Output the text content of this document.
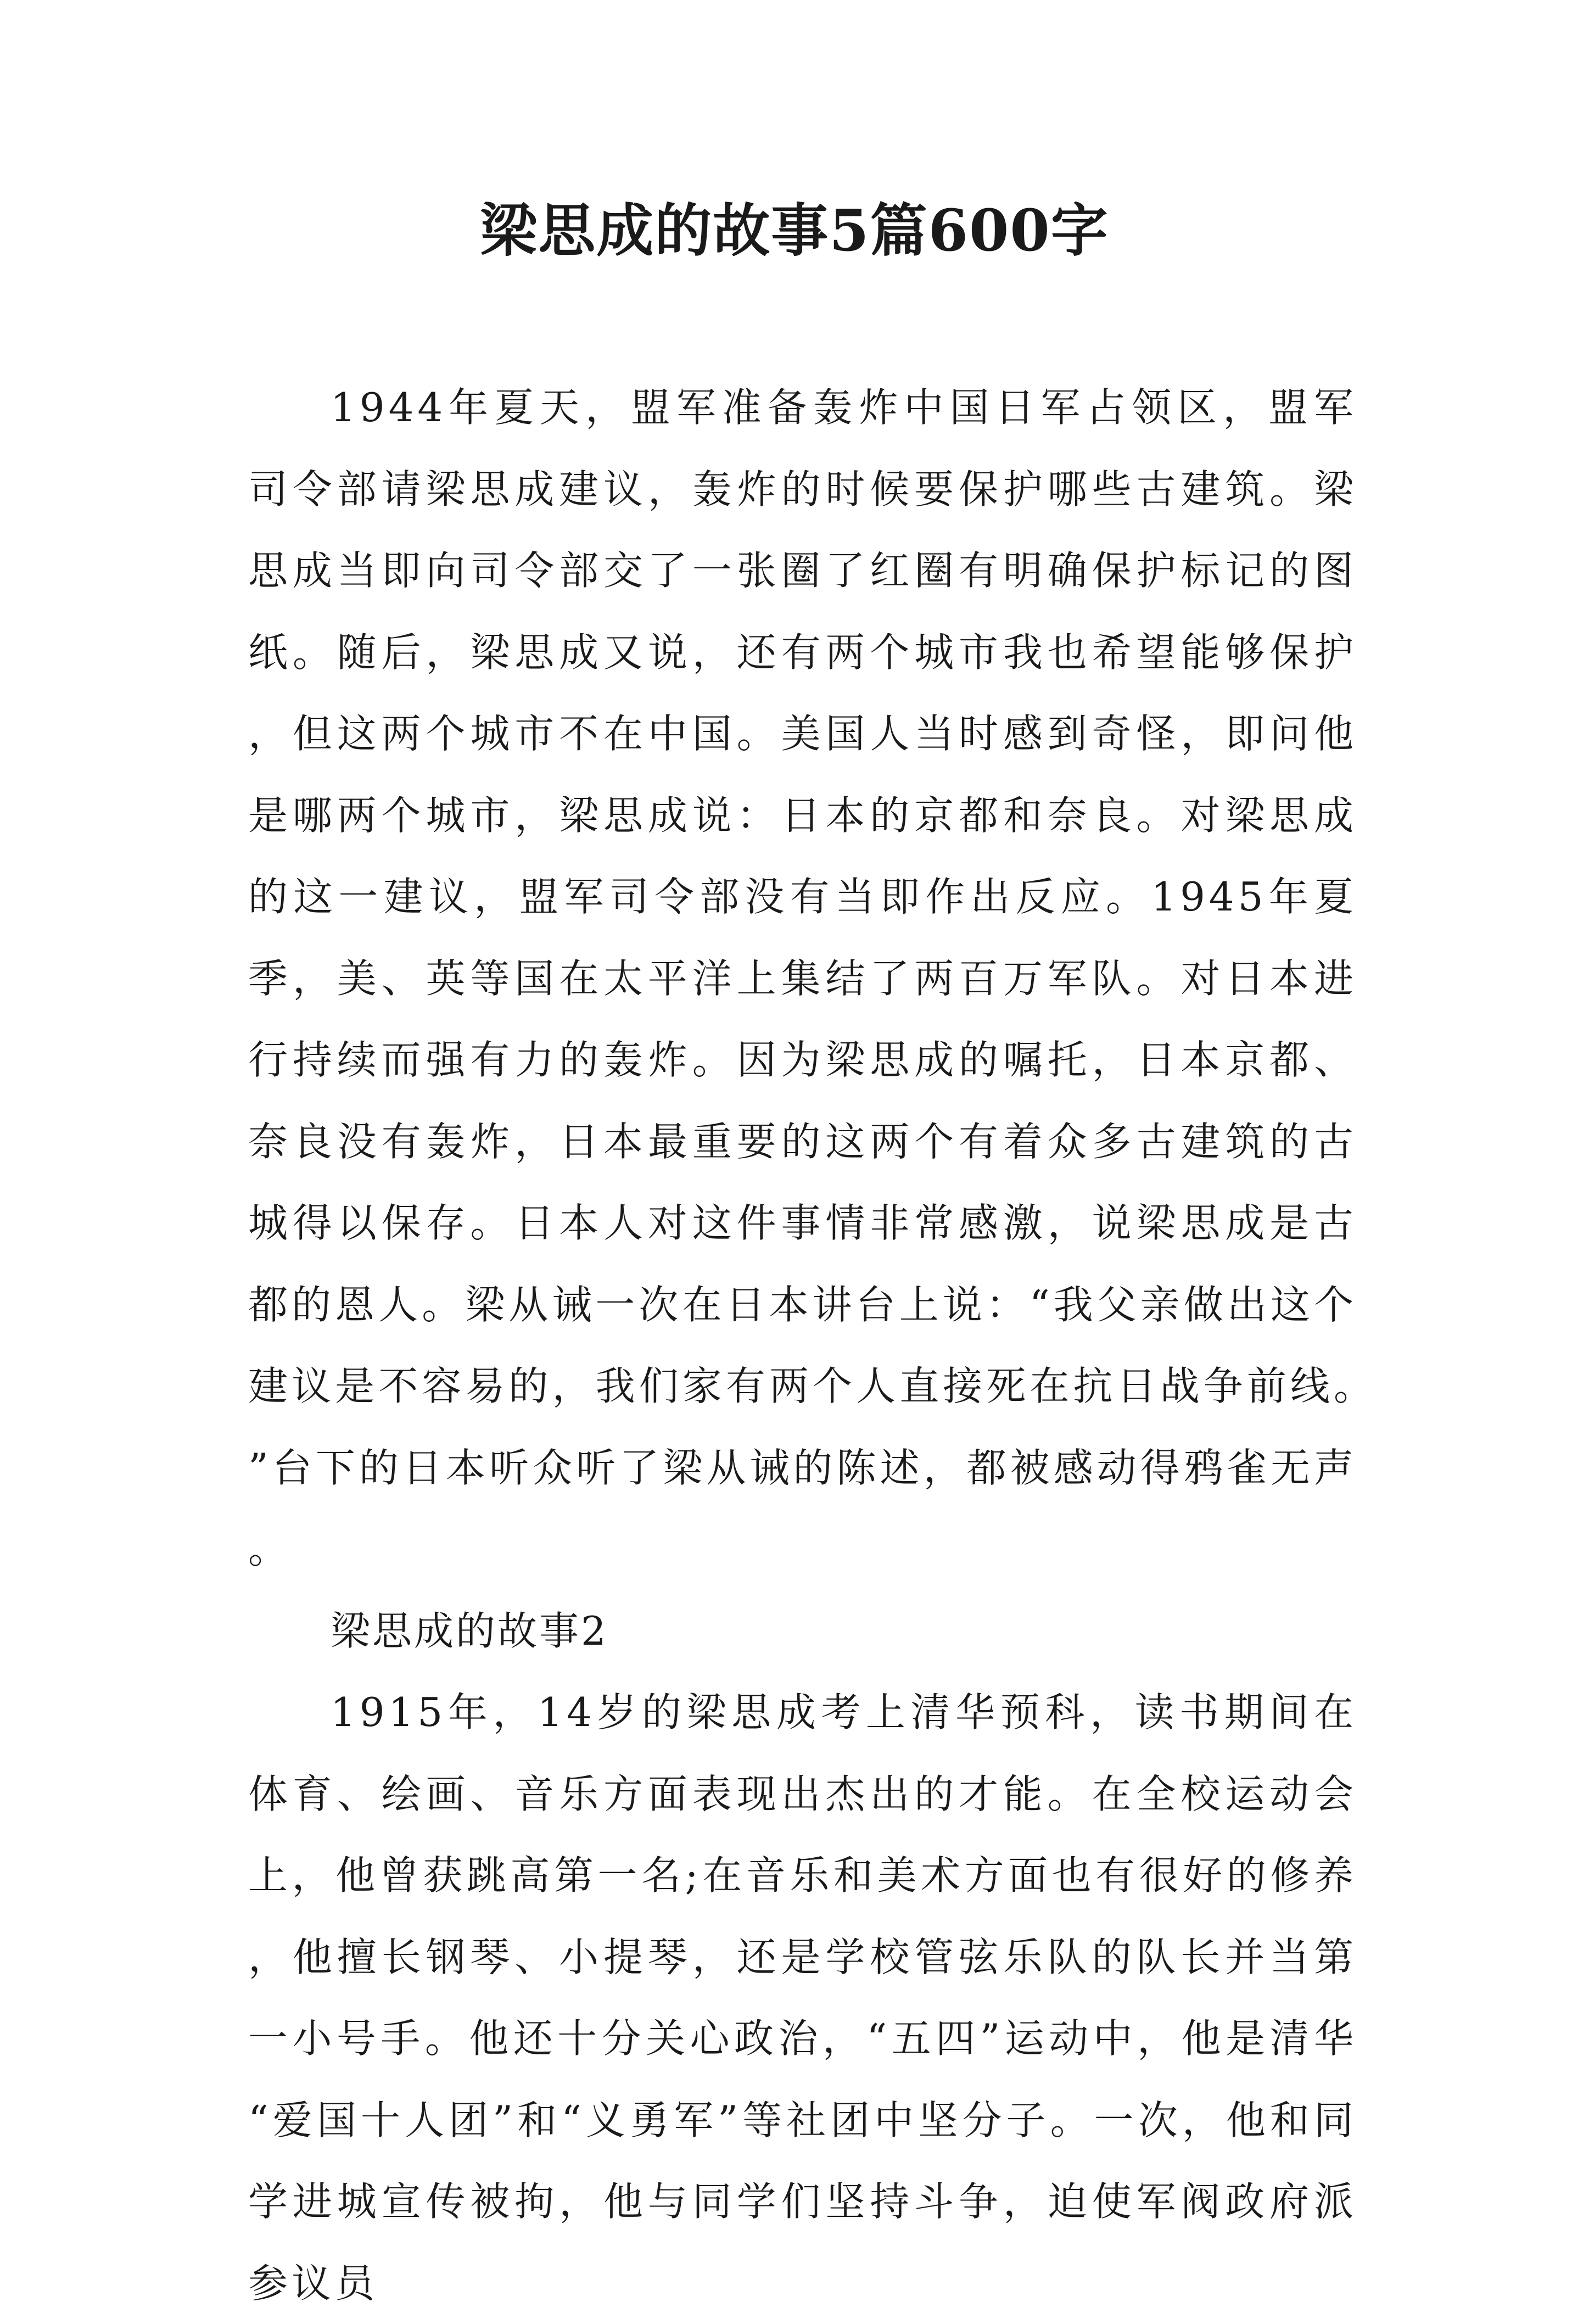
梁思成的故事5篇600字

1944年夏天，盟军准备轰炸中国日军占领区，盟军司令部请梁思成建议，轰炸的时候要保护哪些古建筑。梁思成当即向司令部交了一张圈了红圈有明确保护标记的图纸。随后，梁思成又说，还有两个城市我也希望能够保护，但这两个城市不在中国。美国人当时感到奇怪，即问他是哪两个城市，梁思成说：日本的京都和奈良。对梁思成的这一建议，盟军司令部没有当即作出反应。1945年夏季，美、英等国在太平洋上集结了两百万军队。对日本进行持续而强有力的轰炸。因为梁思成的嘱托，日本京都、奈良没有轰炸，日本最重要的这两个有着众多古建筑的古城得以保存。日本人对这件事情非常感激，说梁思成是古都的恩人。梁从诫一次在日本讲台上说：“我父亲做出这个建议是不容易的，我们家有两个人直接死在抗日战争前线。”台下的日本听众听了梁从诫的陈述，都被感动得鸦雀无声。

梁思成的故事2

1915年，14岁的梁思成考上清华预科，读书期间在体育、绘画、音乐方面表现出杰出的才能。在全校运动会上，他曾获跳高第一名;在音乐和美术方面也有很好的修养，他擅长钢琴、小提琴，还是学校管弦乐队的队长并当第一小号手。他还十分关心政治，“五四”运动中，他是清华“爱国十人团”和“义勇军”等社团中坚分子。一次，他和同学进城宣传被拘，他与同学们坚持斗争，迫使军阀政府派参议员
